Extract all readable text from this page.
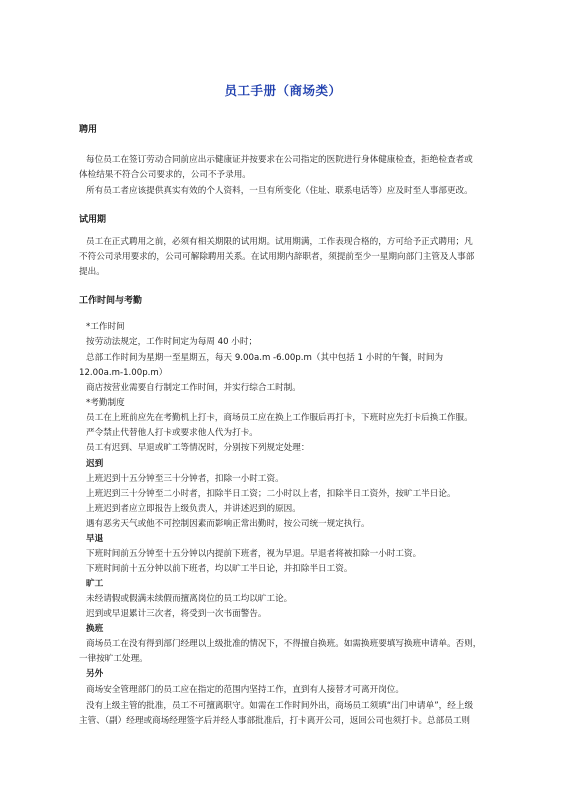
员工手册（商场类）
聘用
每位员工在签订劳动合同前应出示健康证并按要求在公司指定的医院进行身体健康检查，拒绝检查者或
体检结果不符合公司要求的，公司不予录用。
所有员工者应该提供真实有效的个人资料，一旦有所变化（住址、联系电话等）应及时至人事部更改。
试用期
员工在正式聘用之前，必须有相关期限的试用期。试用期满，工作表现合格的，方可给予正式聘用；凡
不符公司录用要求的，公司可解除聘用关系。在试用期内辞职者，须提前至少一星期向部门主管及人事部
提出。
工作时间与考勤
*工作时间
按劳动法规定，工作时间定为每周 40 小时；
总部工作时间为星期一至星期五，每天 9.00a.m -6.00p.m（其中包括 1 小时的午餐，时间为
12.00a.m-1.00p.m）
商店按营业需要自行制定工作时间，并实行综合工时制。
*考勤制度
员工在上班前应先在考勤机上打卡，商场员工应在换上工作服后再打卡，下班时应先打卡后换工作服。
严令禁止代替他人打卡或要求他人代为打卡。
员工有迟到、早退或旷工等情况时，分别按下列规定处理：
迟到
上班迟到十五分钟至三十分钟者，扣除一小时工资。
上班迟到三十分钟至二小时者，扣除半日工资；二小时以上者，扣除半日工资外，按旷工半日论。
上班迟到者应立即报告上级负责人，并讲述迟到的原因。
遇有恶劣天气或他不可控制因素而影响正常出勤时，按公司统一规定执行。
早退
下班时间前五分钟至十五分钟以内提前下班者，视为早退。早退者将被扣除一小时工资。
下班时间前十五分钟以前下班者，均以旷工半日论，并扣除半日工资。
旷工
未经请假或假满未续假而擅离岗位的员工均以旷工论。
迟到或早退累计三次者，将受到一次书面警告。
换班
商场员工在没有得到部门经理以上级批准的情况下，不得擅自换班。如需换班要填写换班申请单。否则，
一律按旷工处理。
另外
商场安全管理部门的员工应在指定的范围内坚持工作，直到有人接替才可离开岗位。
没有上级主管的批准，员工不可擅离职守。如需在工作时间外出，商场员工须填“出门申请单”，经上级
主管、（副）经理或商场经理签字后并经人事部批准后，打卡离开公司，返回公司也须打卡。总部员工则
